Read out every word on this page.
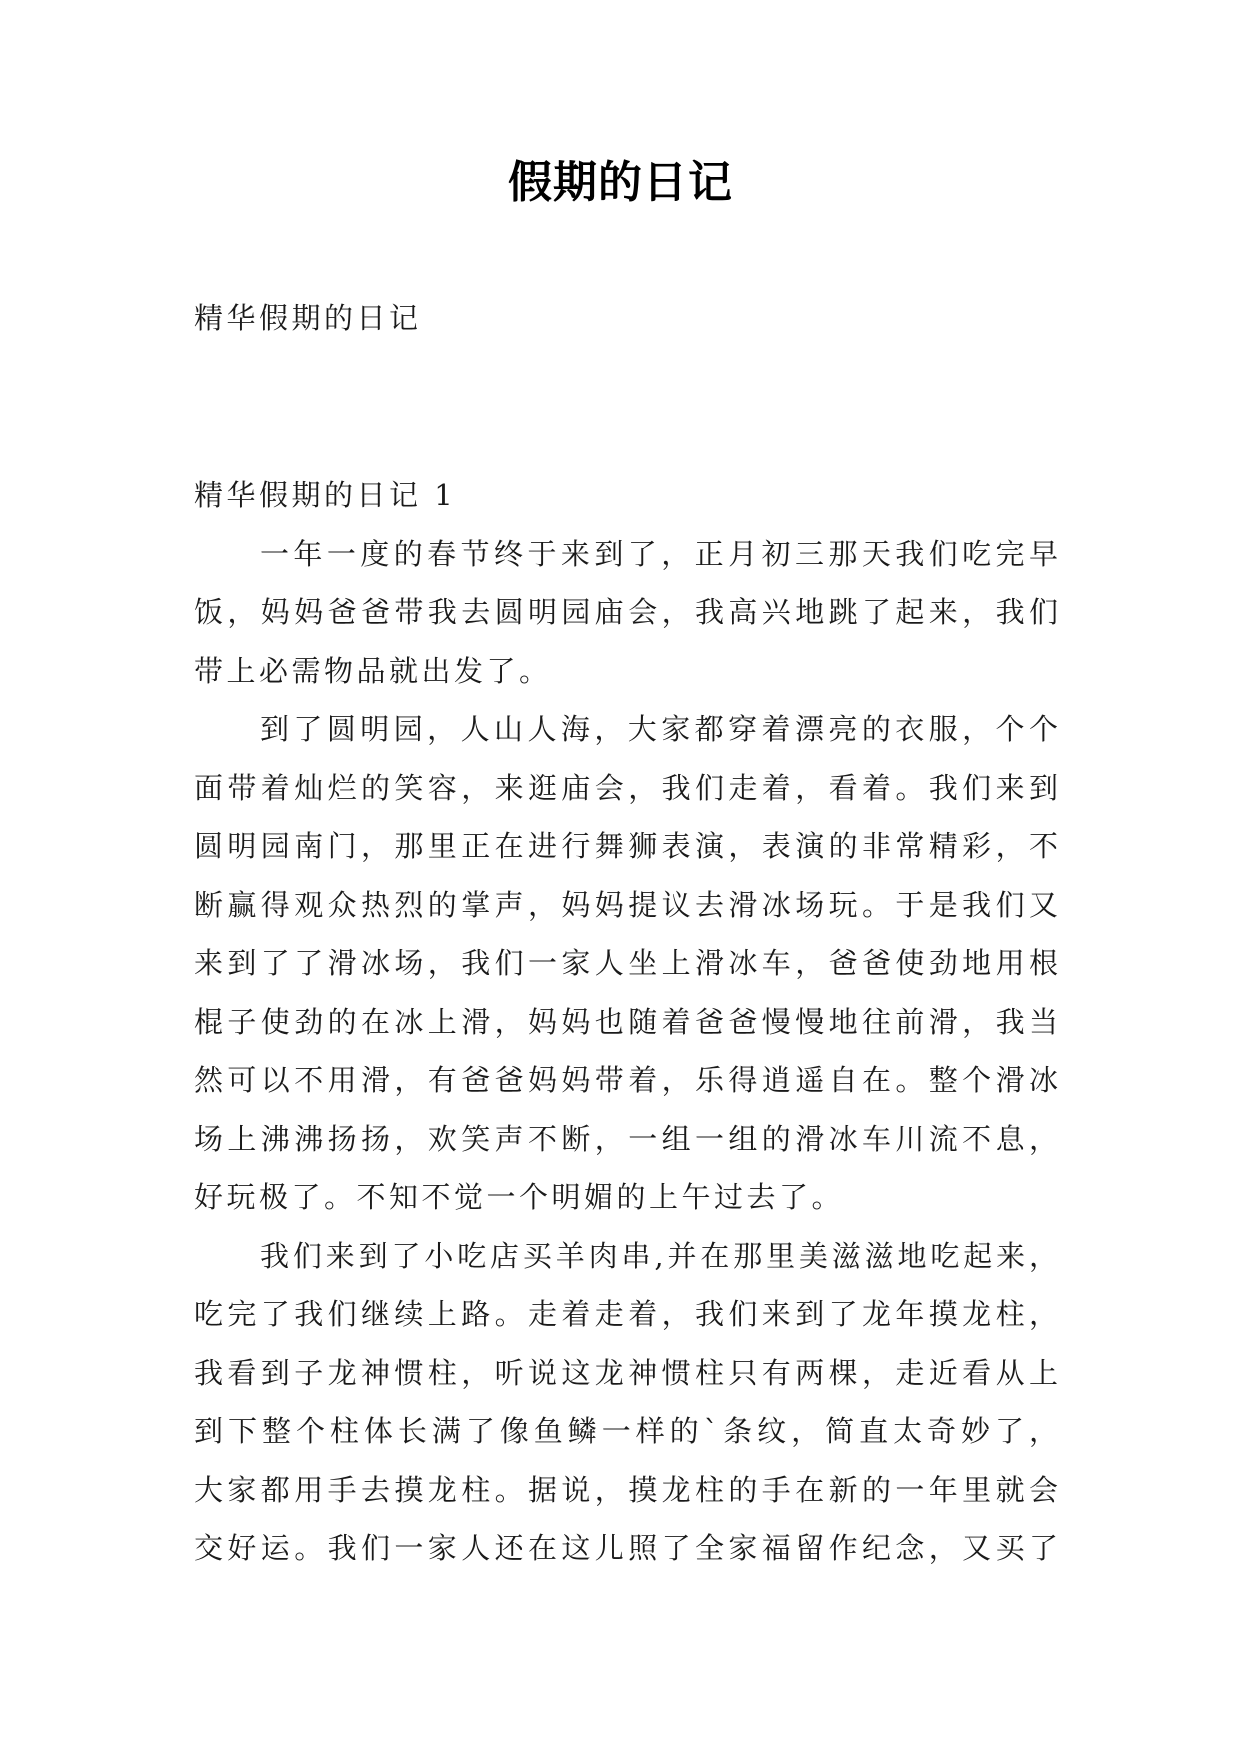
假期的日记
精华假期的日记
精华假期的日记 1
一年一度的春节终于来到了，正月初三那天我们吃完早
饭，妈妈爸爸带我去圆明园庙会，我高兴地跳了起来，我们
带上必需物品就出发了。
到了圆明园，人山人海，大家都穿着漂亮的衣服，个个
面带着灿烂的笑容，来逛庙会，我们走着，看着。我们来到
圆明园南门，那里正在进行舞狮表演，表演的非常精彩，不
断赢得观众热烈的掌声，妈妈提议去滑冰场玩。于是我们又
来到了了滑冰场，我们一家人坐上滑冰车，爸爸使劲地用根
棍子使劲的在冰上滑，妈妈也随着爸爸慢慢地往前滑，我当
然可以不用滑，有爸爸妈妈带着，乐得逍遥自在。整个滑冰
场上沸沸扬扬，欢笑声不断，一组一组的滑冰车川流不息，
好玩极了。不知不觉一个明媚的上午过去了。
我们来到了小吃店买羊肉串,并在那里美滋滋地吃起来，
吃完了我们继续上路。走着走着，我们来到了龙年摸龙柱，
我看到子龙神惯柱，听说这龙神惯柱只有两棵，走近看从上
到下整个柱体长满了像鱼鳞一样的`条纹，简直太奇妙了，
大家都用手去摸龙柱。据说，摸龙柱的手在新的一年里就会
交好运。我们一家人还在这儿照了全家福留作纪念，又买了
